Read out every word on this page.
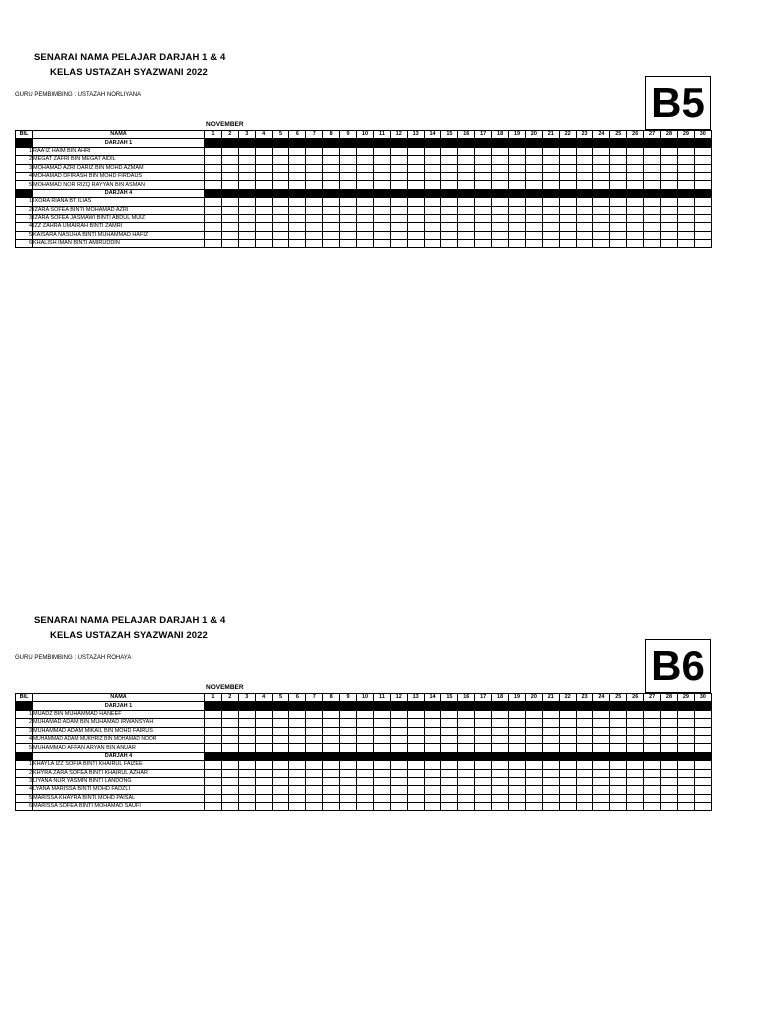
SENARAI NAMA PELAJAR DARJAH 1 & 4
KELAS USTAZAH SYAZWANI 2022
GURU PEMBIMBING : USTAZAH NORLIYANA	B5
NOVEMBER
BIL	NAMA	1	2	3	4	5	6	7	8	9	10	11	12	13	14	15	16	17	18	19	20	21	22	23	24	25	26	27	28	29	30
	DARJAH 1																														
1	RAA'IZ HAIM BIN AHRI																														
2	MEGAT ZAFRI BIN MEGAT AIDIL																														
3	MOHAMAD AZRI DARIZ BIN MOHD AZMAM																														
4	MOHAMAD DFIRASH BIN MOHD FIRDAUS																														
5	MOHAMAD NOR RIZQ RAYYAN BIN ASMAN																														
	DARJAH 4																														
1	IXORA RIANA BT ILIAS																														
2	IZARA SOFEA BINTI MOHAMAD AZRI																														
3	IZARA SOFEA JASMAWI BINTI ABDUL MUIZ																														
4	IZZ ZAHRA UMAIRAH BINTI ZAMRI																														
5	KAISARA NASUHA BINTI MUHAMMAD HAFIZ																														
6	KHALISH IMAN BINTI AMIRUDDIN																														
SENARAI NAMA PELAJAR DARJAH 1 & 4
KELAS USTAZAH SYAZWANI 2022
GURU PEMBIMBING : USTAZAH ROHAYA	B6
NOVEMBER
BIL	NAMA	1	2	3	4	5	6	7	8	9	10	11	12	13	14	15	16	17	18	19	20	21	22	23	24	25	26	27	28	29	30
	DARJAH 1																														
1	MUADZ BIN MUHAMMAD HANEEF																														
2	MUHAMAD ADAM BIN MUHAMAD IRWANSYAH																														
3	MUHAMMAD ADAM MIKAIL BIN MOHD FAIRUS																														
4	MUHAMMAD ADAM MUKHRIZ BIN MOHAMAD NOOR																														
5	MUHAMMAD AFFAN ARYAN BIN ANUAR																														
	DARJAH 4																														
1	KHAYLA IZZ SOFIA BINTI KHAIRUL FAIZEE																														
2	KHYRA ZARA SOFEA BINTI KHAIRUL AZHAR																														
3	LIYANA NUR YASMIN BINTI LANDONG																														
4	LYANA MARISSA BINTI MOHD FADZLI																														
5	MARISSA KHAYRA BINTI MOHD PAISAL																														
6	MARISSA SOFEA BINTI MOHAMAD SAUFI																														
